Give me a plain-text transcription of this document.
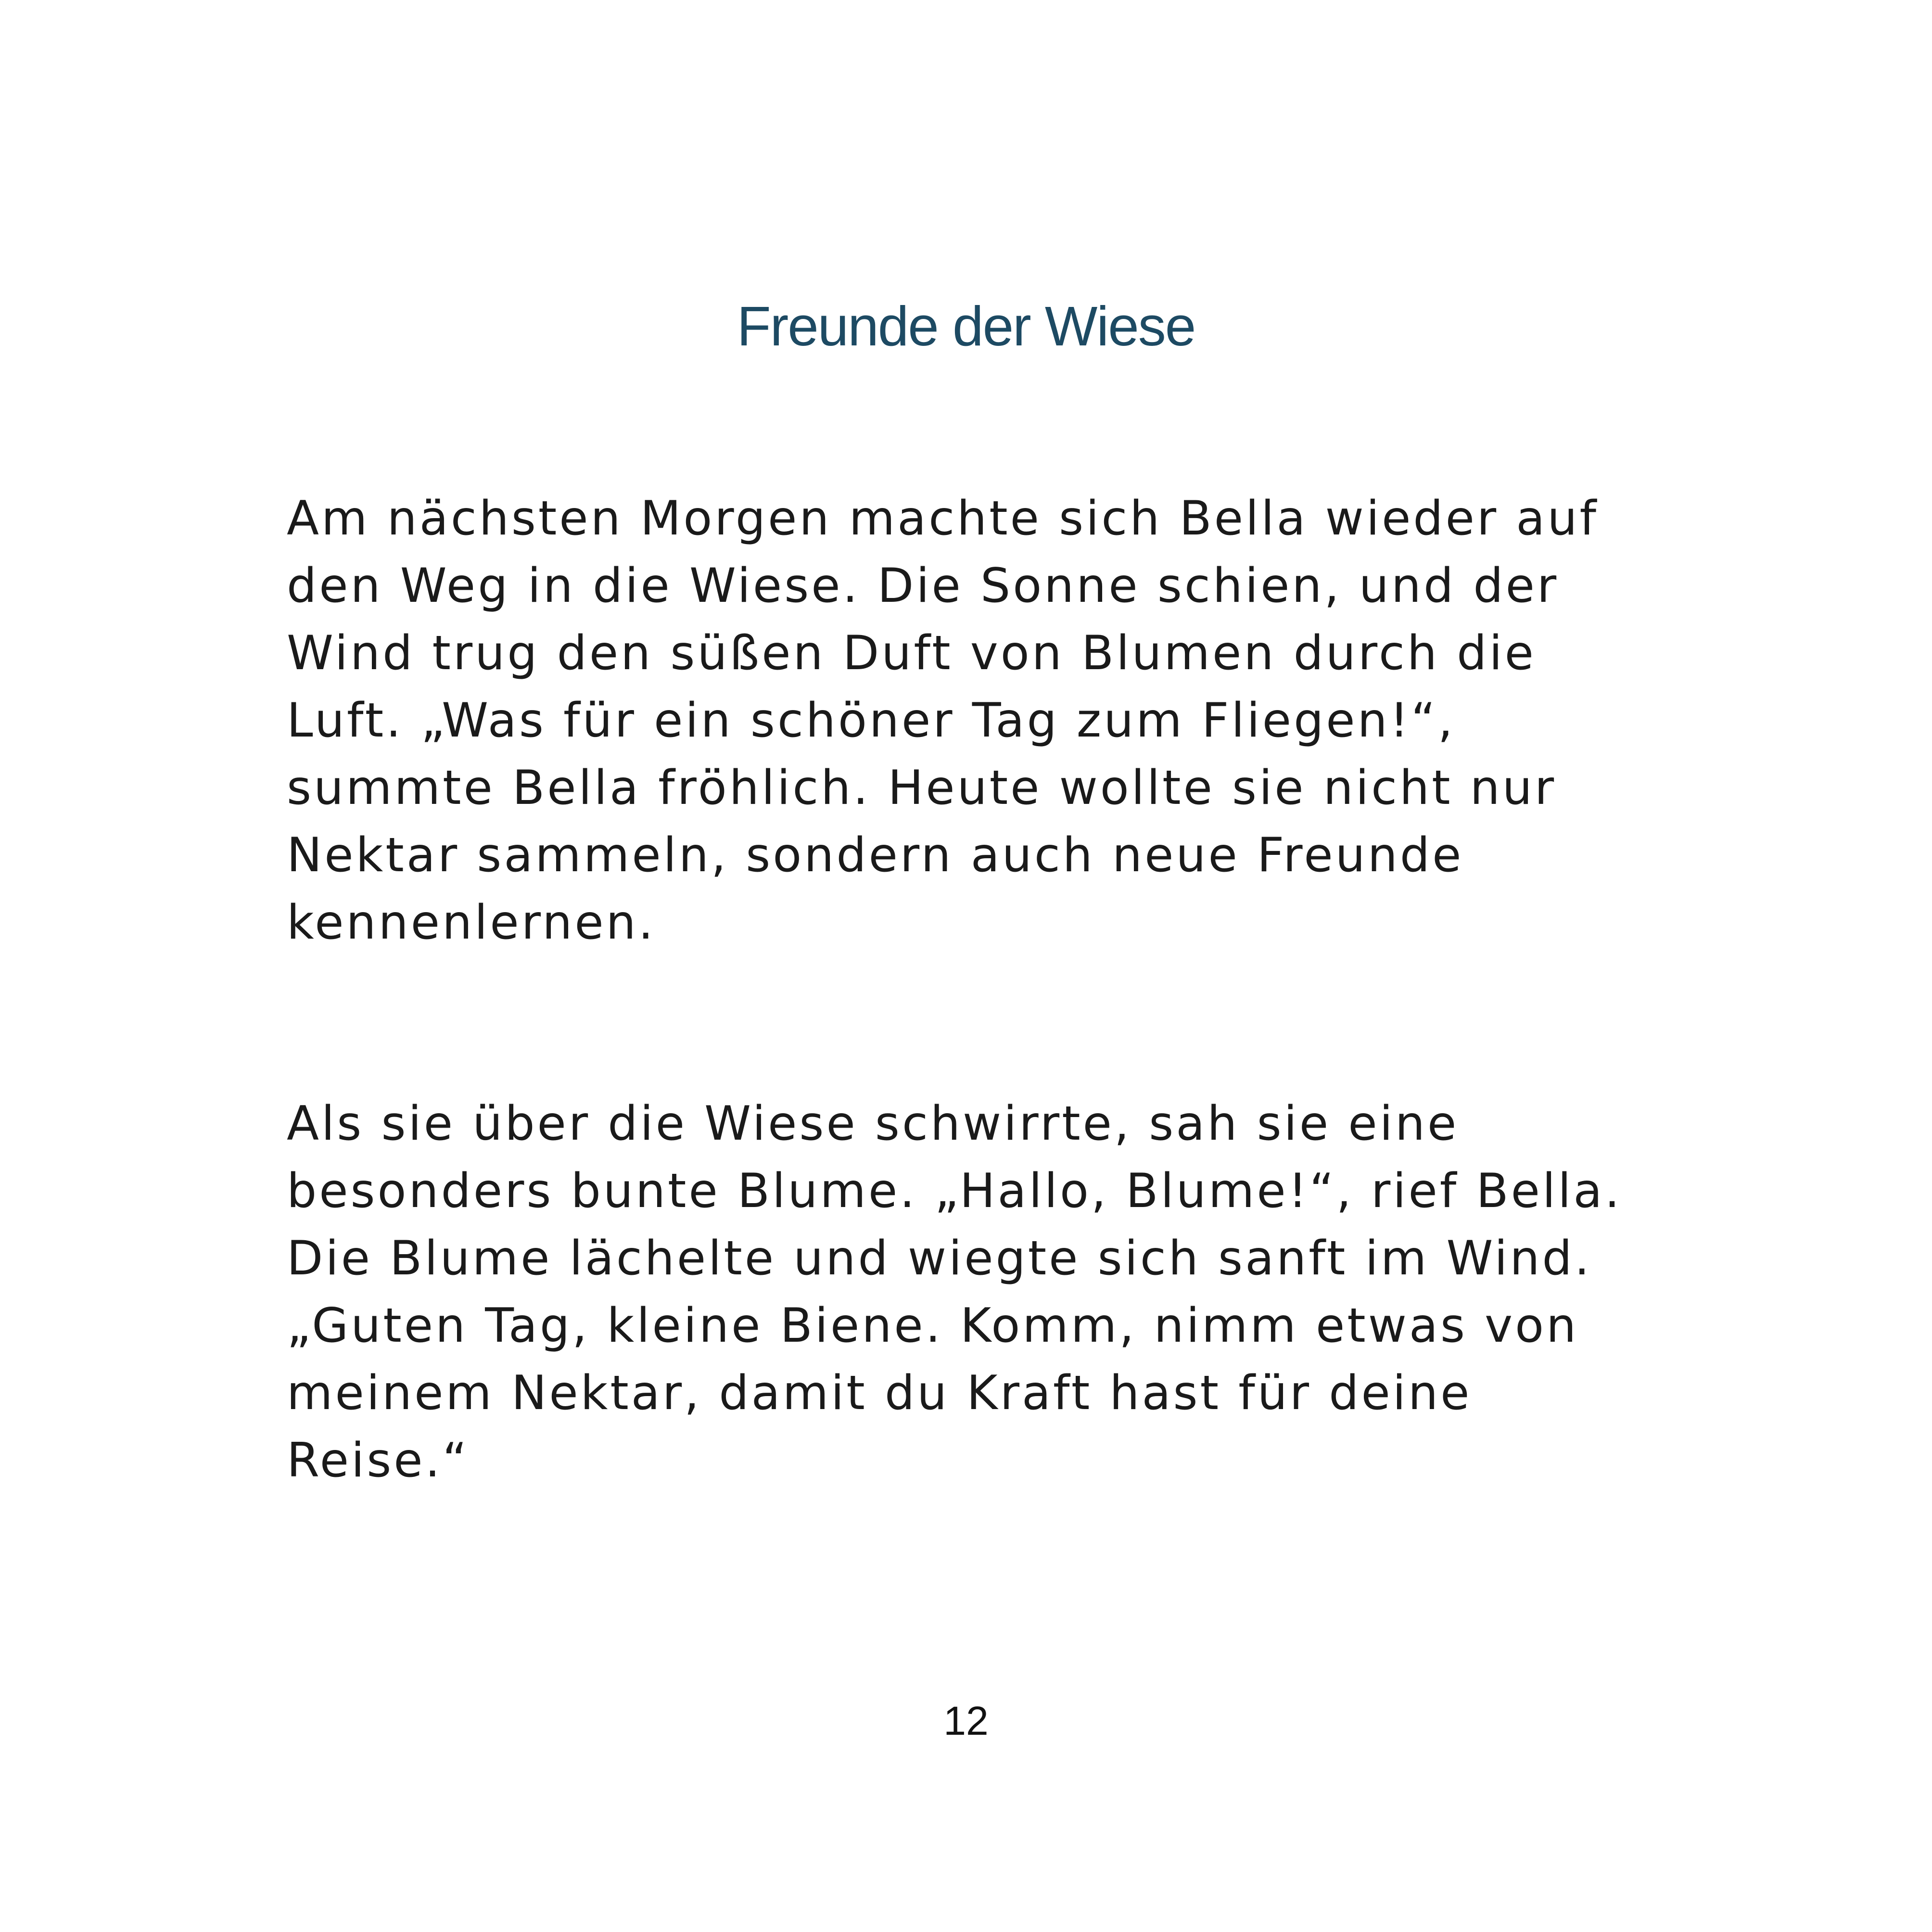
Freunde der Wiese

Am nächsten Morgen machte sich Bella wieder auf den Weg in die Wiese. Die Sonne schien, und der Wind trug den süßen Duft von Blumen durch die Luft. „Was für ein schöner Tag zum Fliegen!“, summte Bella fröhlich. Heute wollte sie nicht nur Nektar sammeln, sondern auch neue Freunde kennenlernen.

Als sie über die Wiese schwirrte, sah sie eine besonders bunte Blume. „Hallo, Blume!“, rief Bella. Die Blume lächelte und wiegte sich sanft im Wind. „Guten Tag, kleine Biene. Komm, nimm etwas von meinem Nektar, damit du Kraft hast für deine Reise.“

12
